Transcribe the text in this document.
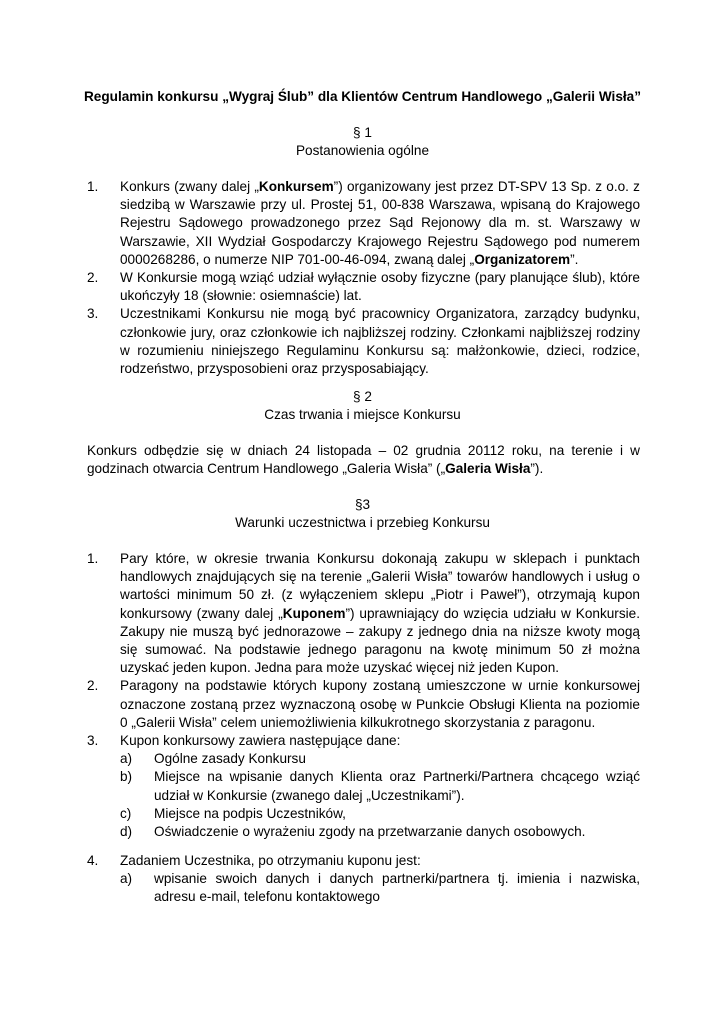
Regulamin konkursu „Wygraj Ślub” dla Klientów Centrum Handlowego „Galerii Wisła”
§ 1
Postanowienia ogólne
1.	Konkurs (zwany dalej „Konkursem”) organizowany jest przez DT-SPV 13 Sp. z o.o. z siedzibą w Warszawie przy ul. Prostej 51, 00-838 Warszawa, wpisaną do Krajowego Rejestru Sądowego prowadzonego przez Sąd Rejonowy dla m. st. Warszawy w Warszawie, XII Wydział Gospodarczy Krajowego Rejestru Sądowego pod numerem 0000268286, o numerze NIP 701-00-46-094, zwaną dalej „Organizatorem”.
2.	W Konkursie mogą wziąć udział wyłącznie osoby fizyczne (pary planujące ślub), które ukończyły 18 (słownie: osiemnaście) lat.
3.	Uczestnikami Konkursu nie mogą być pracownicy Organizatora, zarządcy budynku, członkowie jury, oraz członkowie ich najbliższej rodziny. Członkami najbliższej rodziny w rozumieniu niniejszego Regulaminu Konkursu są: małżonkowie, dzieci, rodzice, rodzeństwo, przysposobieni oraz przysposabiający.
§ 2
Czas trwania i miejsce Konkursu
Konkurs odbędzie się w dniach 24 listopada – 02 grudnia 20112 roku, na terenie i w godzinach otwarcia Centrum Handlowego „Galeria Wisła” („Galeria Wisła”).
§3
Warunki uczestnictwa i przebieg Konkursu
1.	Pary które, w okresie trwania Konkursu dokonają zakupu w sklepach i punktach handlowych znajdujących się na terenie „Galerii Wisła” towarów handlowych i usług o wartości minimum 50 zł. (z wyłączeniem sklepu „Piotr i Paweł”), otrzymają kupon konkursowy (zwany dalej „Kuponem”) uprawniający do wzięcia udziału w Konkursie. Zakupy nie muszą być jednorazowe – zakupy z jednego dnia na niższe kwoty mogą się sumować. Na podstawie jednego paragonu na kwotę minimum 50 zł można uzyskać jeden kupon. Jedna para może uzyskać więcej niż jeden Kupon.
2.	Paragony na podstawie których kupony zostaną umieszczone w urnie konkursowej oznaczone zostaną przez wyznaczoną osobę w Punkcie Obsługi Klienta na poziomie 0 „Galerii Wisła” celem uniemożliwienia kilkukrotnego skorzystania z paragonu.
3.	Kupon konkursowy zawiera następujące dane:
a)	Ogólne zasady Konkursu
b)	Miejsce na wpisanie danych Klienta oraz Partnerki/Partnera chcącego wziąć udział w Konkursie (zwanego dalej „Uczestnikami”).
c)	Miejsce na podpis Uczestników,
d)	Oświadczenie o wyrażeniu zgody na przetwarzanie danych osobowych.
4.	Zadaniem Uczestnika, po otrzymaniu kuponu jest:
a)	wpisanie swoich danych i danych partnerki/partnera tj. imienia i nazwiska, adresu e-mail, telefonu kontaktowego
